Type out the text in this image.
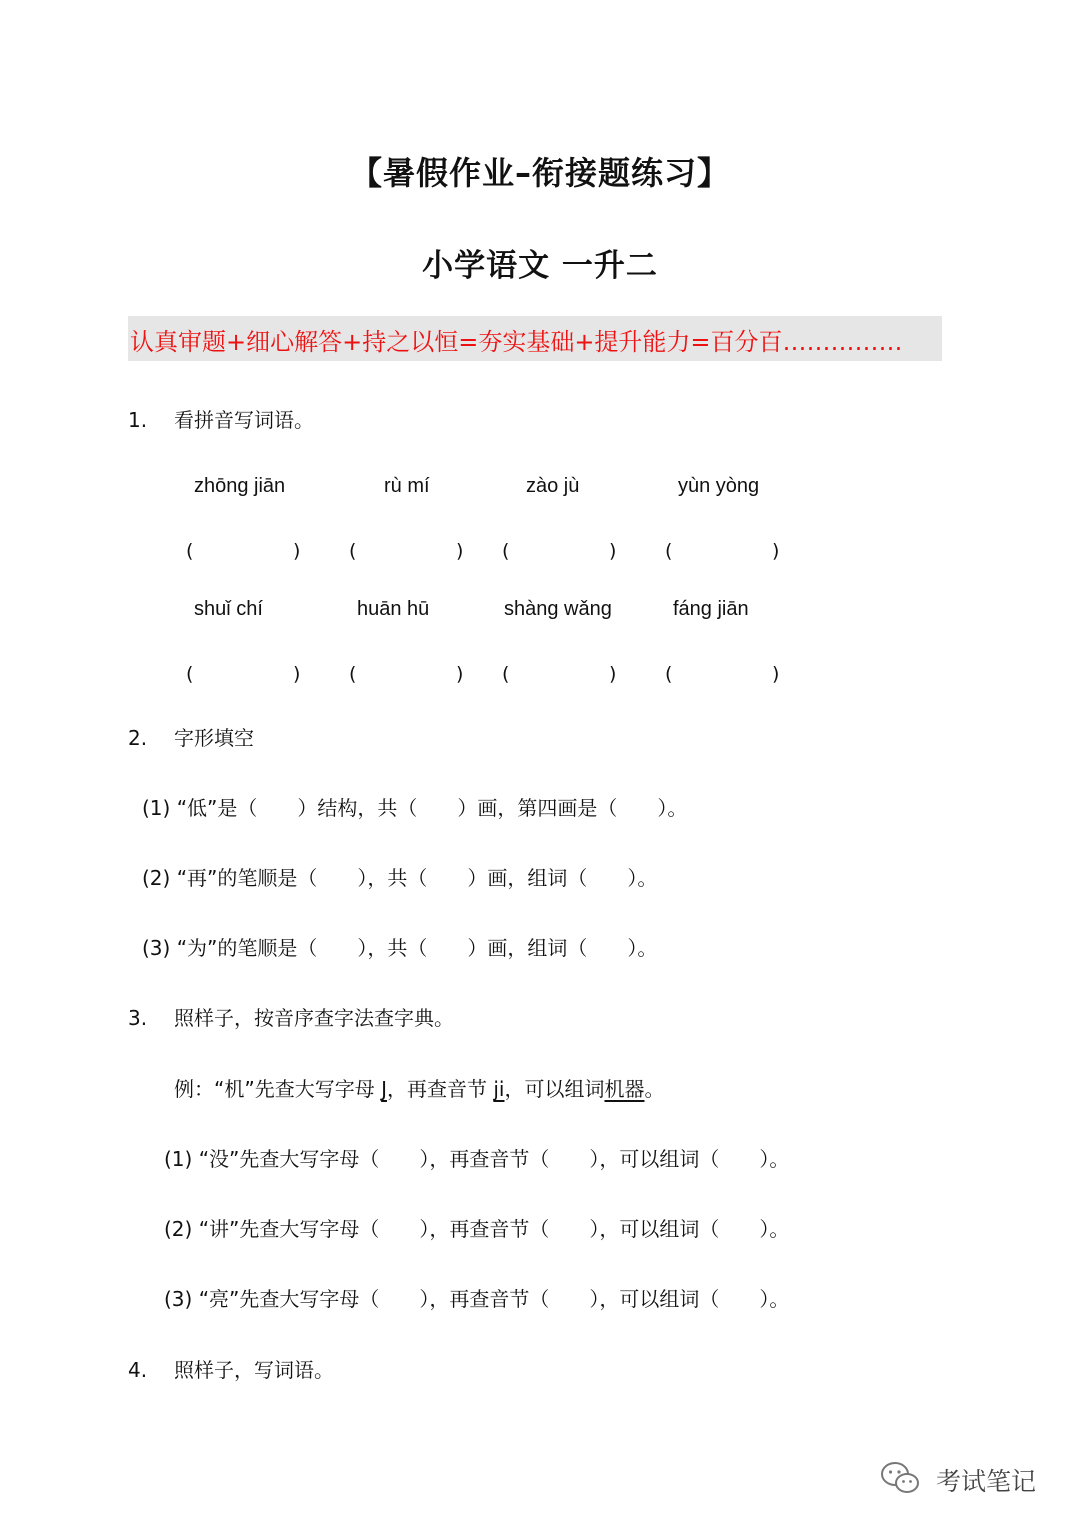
【暑假作业–衔接题练习】
小学语文 一升二
认真审题+细心解答+持之以恒=夯实基础+提升能力=百分百……………
1. 看拼音写词语。
zhōng jiān	rù mí	zào jù	yùn yòng
(	)	(	) (	)	(	)
shuǐ chí	huān hū	shàng wǎng	fáng jiān
(	)	(	) (	)	(	)
2. 字形填空
(1) “低”是（　　）结构，共（　　）画，第四画是（　　）。
(2) “再”的笔顺是（　　），共（　　）画，组词（　　）。
(3) “为”的笔顺是（　　），共（　　）画，组词（　　）。
3. 照样子，按音序查字法查字典。
例：“机”先查大写字母 J，再查音节 ji，可以组词机器。
(1) “没”先查大写字母（　　），再查音节（　　），可以组词（　　）。
(2) “讲”先查大写字母（　　），再查音节（　　），可以组词（　　）。
(3) “亮”先查大写字母（　　），再查音节（　　），可以组词（　　）。
4. 照样子，写词语。
考试笔记
